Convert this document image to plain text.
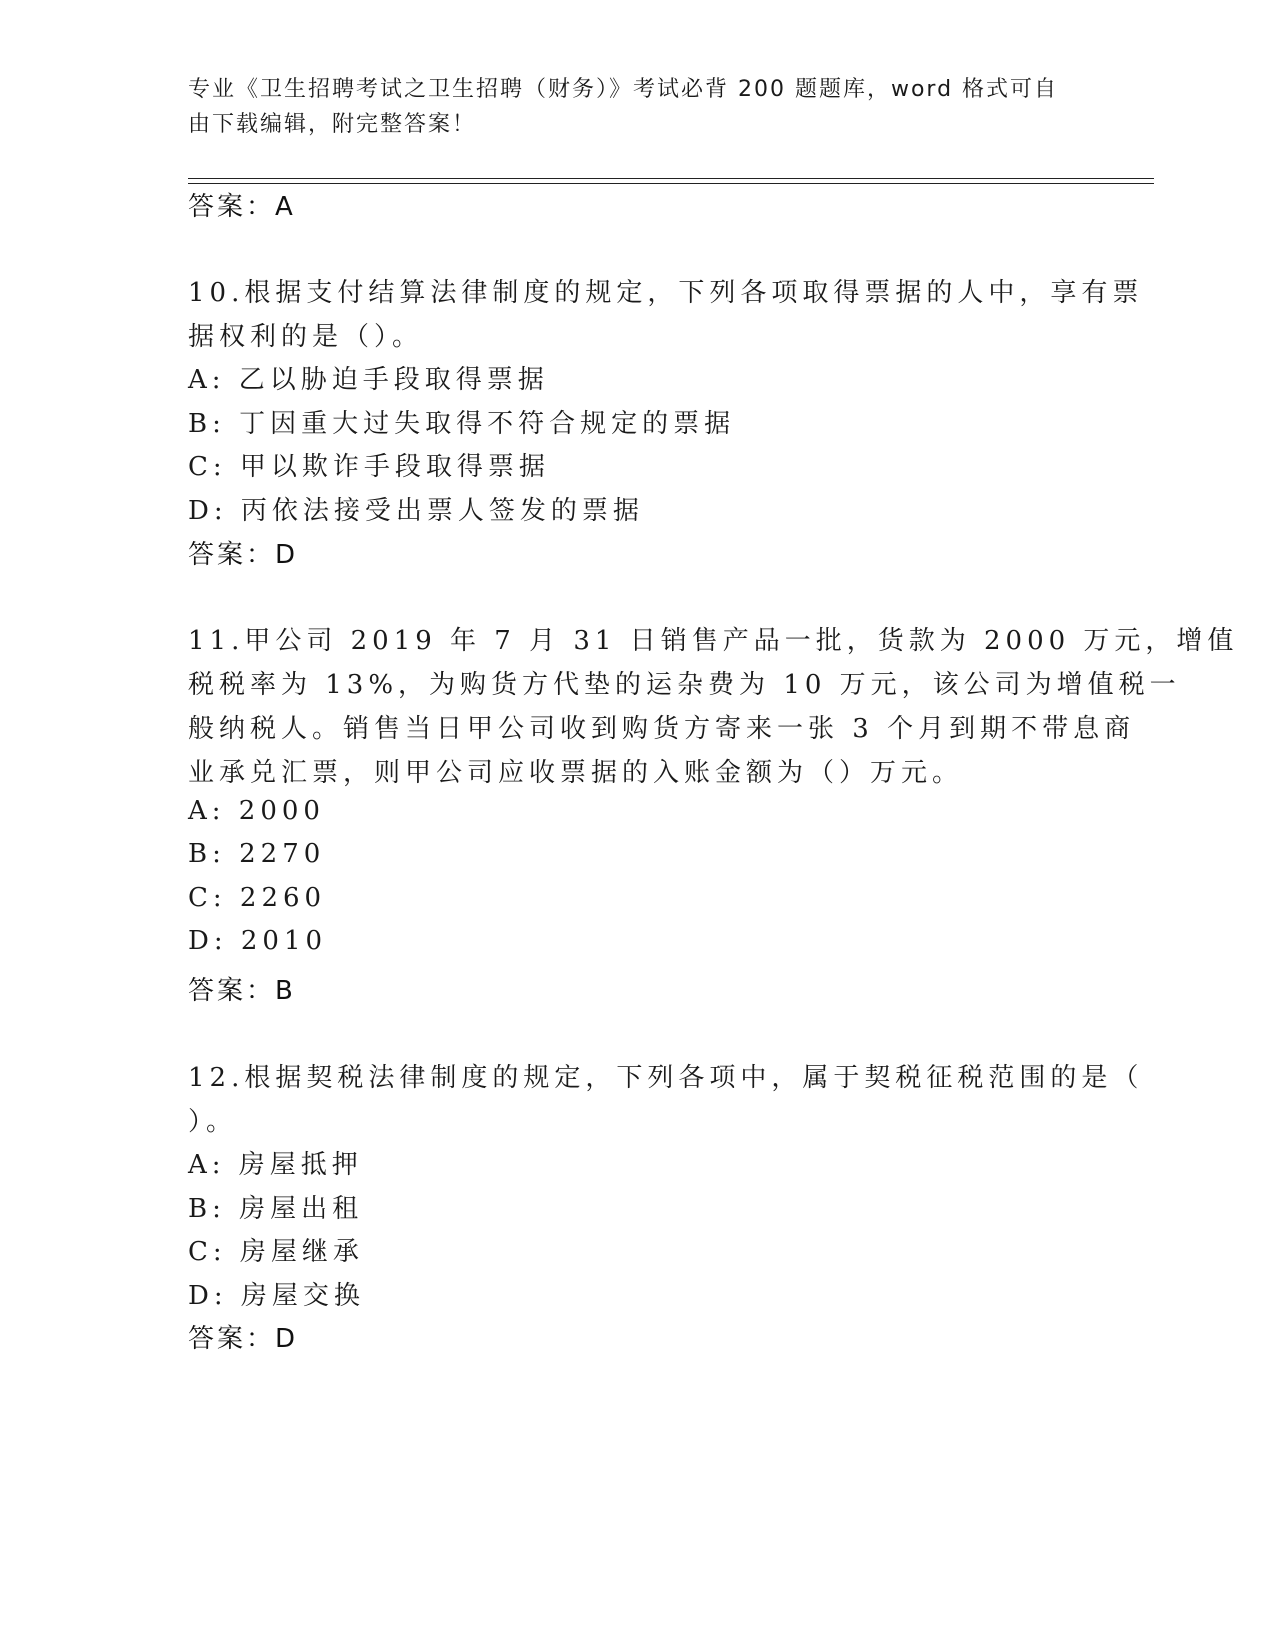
专业《卫生招聘考试之卫生招聘（财务）》考试必背 200 题题库，word 格式可自
由下载编辑，附完整答案！
答案：A
10.根据支付结算法律制度的规定，下列各项取得票据的人中，享有票
据权利的是（）。
A: 乙以胁迫手段取得票据
B: 丁因重大过失取得不符合规定的票据
C: 甲以欺诈手段取得票据
D: 丙依法接受出票人签发的票据
答案：D
11.甲公司 2019 年 7 月 31 日销售产品一批，货款为 2000 万元，增值
税税率为 13%，为购货方代垫的运杂费为 10 万元，该公司为增值税一
般纳税人。销售当日甲公司收到购货方寄来一张 3 个月到期不带息商
业承兑汇票，则甲公司应收票据的入账金额为（）万元。
A: 2000
B: 2270
C: 2260
D: 2010
答案：B
12.根据契税法律制度的规定，下列各项中，属于契税征税范围的是（
）。
A: 房屋抵押
B: 房屋出租
C: 房屋继承
D: 房屋交换
答案：D
